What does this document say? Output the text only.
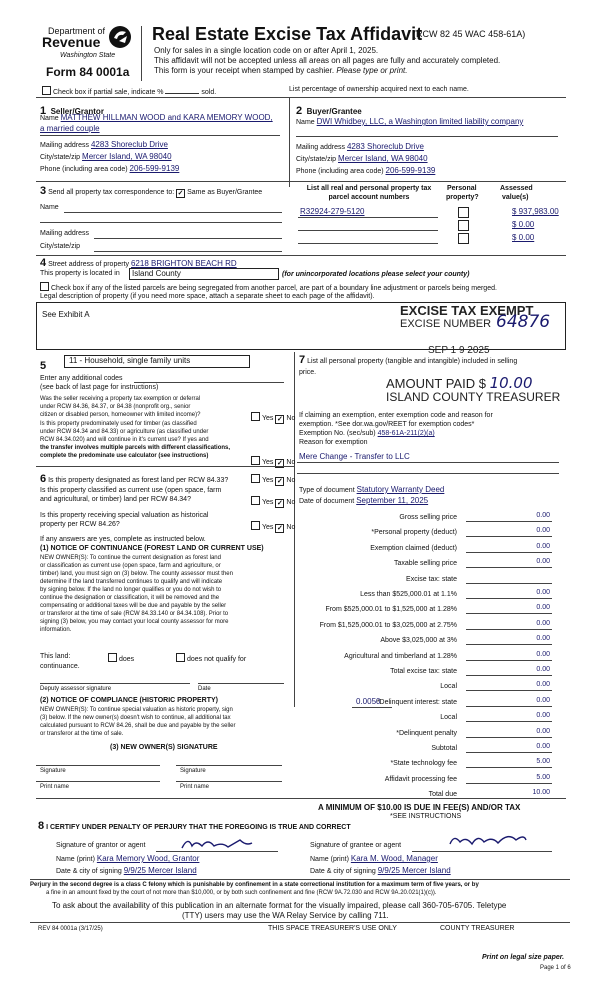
Department of
Revenue
Washington State
Form 84 0001a
Real Estate Excise Tax Affidavit
(RCW 82 45 WAC 458-61A)
Only for sales in a single location code on or after April 1, 2025.
This affidavit will not be accepted unless all areas on all pages are fully and accurately completed.
This form is your receipt when stamped by cashier. Please type or print.
Check box if partial sale, indicate %	sold.	List percentage of ownership acquired next to each name.
1 Seller/Grantor
Name MATTHEW HILLMAN WOOD and KARA MEMORY WOOD,
a married couple
Mailing address 4283 Shoreclub Drive
City/state/zip Mercer Island, WA 98040
Phone (including area code) 206-599-9139
2 Buyer/Grantee
Name DWI Whidbey, LLC, a Washington limited liability company
Mailing address 4283 Shoreclub Drive
City/state/zip Mercer Island, WA 98040
Phone (including area code) 206-599-9139
3 Send all property tax correspondence to: ✓ Same as Buyer/Grantee
Name
Mailing address
City/state/zip
List all real and personal property tax
parcel account numbers
Personal
property?
Assessed
value(s)
R32924-279-5120	$ 937,983.00
$ 0.00
$ 0.00
4 Street address of property 6218 BRIGHTON BEACH RD
This property is located in	Island County	(for unincorporated locations please select your county)
Check box if any of the listed parcels are being segregated from another parcel, are part of a boundary line adjustment or parcels being merged.
Legal description of property (if you need more space, attach a separate sheet to each page of the affidavit).
See Exhibit A	EXCISE TAX EXEMPT
EXCISE NUMBER 64876
SEP 1 9 2025
5	11 - Household, single family units
Enter any additional codes
(see back of last page for instructions)
Was the seller receiving a property tax exemption or deferral
under RCW 84.36, 84.37, or 84.38 (nonprofit org., senior
citizen or disabled person, homeowner with limited income)?	Yes ✓ No
Is this property predominately used for timber (as classified
under RCW 84.34 and 84.33) or agriculture (as classified under
RCW 84.34.020) and will continue in it's current use? If yes and
the transfer involves multiple parcels with different classifications,
complete the predominate use calculator (see instructions)
Yes ✓ No
6 Is this property designated as forest land per RCW 84.33?	Yes ✓ No
Is this property classified as current use (open space, farm
and agricultural, or timber) land per RCW 84.34?	Yes ✓ No
Is this property receiving special valuation as historical
property per RCW 84.26?	Yes ✓ No
If any answers are yes, complete as instructed below.
(1) NOTICE OF CONTINUANCE (FOREST LAND OR CURRENT USE)
NEW OWNER(S): To continue the current designation as forest land
or classification as current use (open space, farm and agriculture, or
timber) land, you must sign on (3) below. The county assessor must then
determine if the land transferred continues to qualify and will indicate
by signing below. If the land no longer qualifies or you do not wish to
continue the designation or classification, it will be removed and the
compensating or additional taxes will be due and payable by the seller
or transferor at the time of sale (RCW 84.33.140 or 84.34.108). Prior to
signing (3) below, you may contact your local county assessor for more
information.
This land:	does	does not qualify for
continuance.
Deputy assessor signature	Date
(2) NOTICE OF COMPLIANCE (HISTORIC PROPERTY)
NEW OWNER(S): To continue special valuation as historic property, sign
(3) below. If the new owner(s) doesn't wish to continue, all additional tax
calculated pursuant to RCW 84.26, shall be due and payable by the seller
or transferor at the time of sale.
(3) NEW OWNER(S) SIGNATURE
Signature	Signature
Print name	Print name
7 List all personal property (tangible and intangible) included in selling
price.
AMOUNT PAID $ 10.00
ISLAND COUNTY TREASURER
If claiming an exemption, enter exemption code and reason for
exemption. *See dor.wa.gov/REET for exemption codes*
Exemption No. (sec/sub) 458-61A-211(2)(a)
Reason for exemption
Mere Change - Transfer to LLC
Type of document Statutory Warranty Deed
Date of document September 11, 2025
Gross selling price	0.00
*Personal property (deduct)	0.00
Exemption claimed (deduct)	0.00
Taxable selling price	0.00
Excise tax: state
Less than $525,000.01 at 1.1%	0.00
From $525,000.01 to $1,525,000 at 1.28%	0.00
From $1,525,000.01 to $3,025,000 at 2.75%	0.00
Above $3,025,000 at 3%	0.00
Agricultural and timberland at 1.28%	0.00
Total excise tax: state	0.00
Local	0.00
*Delinquent interest: state	0.00
Local	0.00
*Delinquent penalty	0.00
Subtotal	0.00
*State technology fee	5.00
Affidavit processing fee	5.00
Total due	10.00
0.0050
A MINIMUM OF $10.00 IS DUE IN FEE(S) AND/OR TAX
*SEE INSTRUCTIONS
8 I CERTIFY UNDER PENALTY OF PERJURY THAT THE FOREGOING IS TRUE AND CORRECT
Signature of grantor or agent
Name (print) Kara Memory Wood, Grantor
Date & city of signing 9/9/25 Mercer Island
Signature of grantee or agent
Name (print) Kara M. Wood, Manager
Date & city of signing 9/9/25 Mercer Island
Perjury in the second degree is a class C felony which is punishable by confinement in a state correctional institution for a maximum term of five years, or by
a fine in an amount fixed by the court of not more than $10,000, or by both such confinement and fine (RCW 9A.72.030 and RCW 9A.20.021(1)(c)).
To ask about the availability of this publication in an alternate format for the visually impaired, please call 360-705-6705. Teletype
(TTY) users may use the WA Relay Service by calling 711.
REV 84 0001a (3/17/25)	THIS SPACE TREASURER'S USE ONLY	COUNTY TREASURER
Print on legal size paper.
Page 1 of 6
